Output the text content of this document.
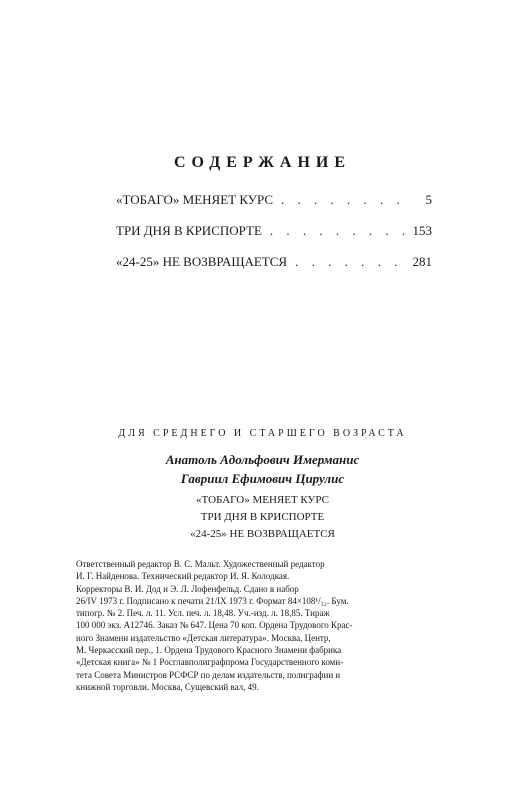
СОДЕРЖАНИЕ
«ТОБАГО» МЕНЯЕТ КУРС . . .	5
ТРИ ДНЯ В КРИСПОРТЕ . . .	153
«24-25» НЕ ВОЗВРАЩАЕТСЯ . . .	281
ДЛЯ СРЕДНЕГО И СТАРШЕГО ВОЗРАСТА
Анатоль Адольфович Имерманис
Гавриил Ефимович Цирулис
«ТОБАГО» МЕНЯЕТ КУРС
ТРИ ДНЯ В КРИСПОРТЕ
«24-25» НЕ ВОЗВРАЩАЕТСЯ
Ответственный редактор В. С. Мальт. Художественный редактор
И. Г. Найденова. Технический редактор И. Я. Колодкая.
Корректоры В. И. Дод и Э. Л. Лофенфельд. Сдано в набор
26/IV 1973 г. Подписано к печати 21/IX 1973 г. Формат 84×108¹/₃₂. Бум.
типогр. № 2. Печ. л. 11. Усл. печ. л. 18,48. Уч.-изд. л. 18,85. Тираж
100 000 экз. А12746. Заказ № 647. Цена 70 коп. Ордена Трудового Крас-
ного Знамени издательство «Детская литература». Москва, Центр,
М. Черкасский пер., 1. Ордена Трудового Красного Знамени фабрика
«Детская книга» № 1 Росглавполиграфпрома Государственного коми-
тета Совета Министров РСФСР по делам издательств, полиграфии и
книжной торговли. Москва, Сущевский вал, 49.
